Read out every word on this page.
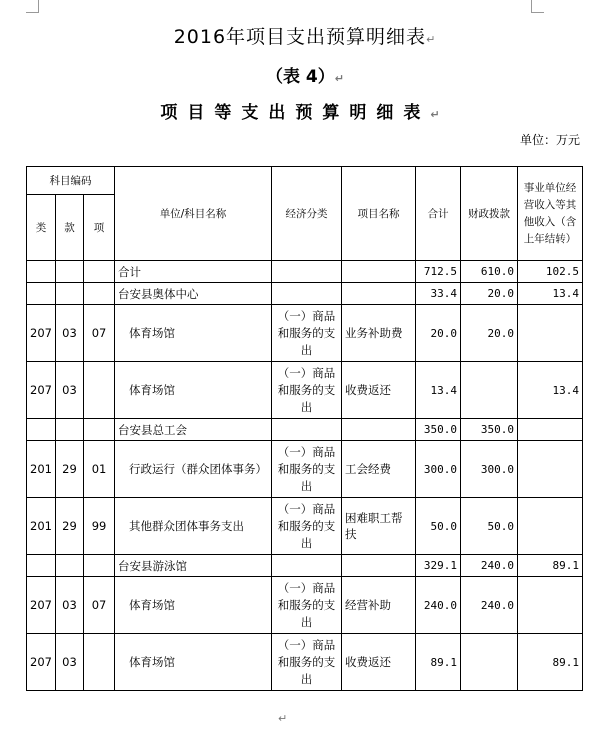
2016年项目支出预算明细表↵
（表 4）↵
项目等支出预算明细表↵
单位：万元
科目编码			单位/科目名称	经济分类	项目名称	合计	财政拨款	事业单位经营收入等其他收入（含上年结转）
类	款	项						
			合计			712.5	610.0	102.5
			台安县奥体中心			33.4	20.0	13.4
207	03	07	体育场馆	（一）商品和服务的支出	业务补助费	20.0	20.0	
207	03		体育场馆	（一）商品和服务的支出	收费返还	13.4		13.4
			台安县总工会			350.0	350.0	
201	29	01	行政运行（群众团体事务）	（一）商品和服务的支出	工会经费	300.0	300.0	
201	29	99	其他群众团体事务支出	（一）商品和服务的支出	困难职工帮扶	50.0	50.0	
			台安县游泳馆			329.1	240.0	89.1
207	03	07	体育场馆	（一）商品和服务的支出	经营补助	240.0	240.0	
207	03		体育场馆	（一）商品和服务的支出	收费返还	89.1		89.1
↵
